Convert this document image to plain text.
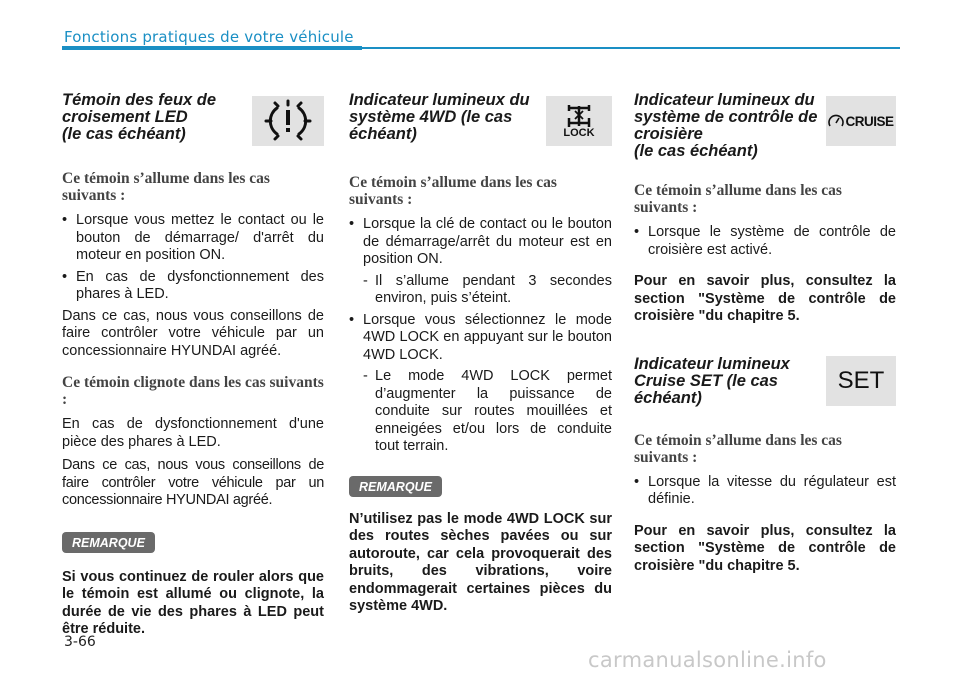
Fonctions pratiques de votre véhicule
Témoin des feux de
croisement LED
(le cas échéant)
Ce témoin s’allume dans les cas suivants :
• Lorsque vous mettez le contact ou le bouton de démarrage/ d'arrêt du moteur en position ON.
• En cas de dysfonctionnement des phares à LED.
Dans ce cas, nous vous conseillons de faire contrôler votre véhicule par un concessionnaire HYUNDAI agréé.
Ce témoin clignote dans les cas suivants :
En cas de dysfonctionnement d'une pièce des phares à LED.
Dans ce cas, nous vous conseillons de faire contrôler votre véhicule par un concessionnaire HYUNDAI agréé.
REMARQUE
Si vous continuez de rouler alors que le témoin est allumé ou clignote, la durée de vie des phares à LED peut être réduite.
Indicateur lumineux du
système 4WD (le cas
échéant)	LOCK
Ce témoin s’allume dans les cas suivants :
• Lorsque la clé de contact ou le bouton de démarrage/arrêt du moteur est en position ON.
- Il s’allume pendant 3 secondes environ, puis s’éteint.
• Lorsque vous sélectionnez le mode 4WD LOCK en appuyant sur le bouton 4WD LOCK.
- Le mode 4WD LOCK permet d’augmenter la puissance de conduite sur routes mouillées et enneigées et/ou lors de conduite tout terrain.
REMARQUE
N’utilisez pas le mode 4WD LOCK sur des routes sèches pavées ou sur autoroute, car cela provoquerait des bruits, des vibrations, voire endommagerait certaines pièces du système 4WD.
Indicateur lumineux du
système de contrôle de
croisière
(le cas échéant)
CRUISE
Ce témoin s’allume dans les cas suivants :
• Lorsque le système de contrôle de croisière est activé.
Pour en savoir plus, consultez la section "Système de contrôle de croisière "du chapitre 5.
Indicateur lumineux
Cruise SET (le cas
échéant)
SET
Ce témoin s’allume dans les cas suivants :
• Lorsque la vitesse du régulateur est définie.
Pour en savoir plus, consultez la section "Système de contrôle de croisière "du chapitre 5.
3-66
carmanualsonline.info
